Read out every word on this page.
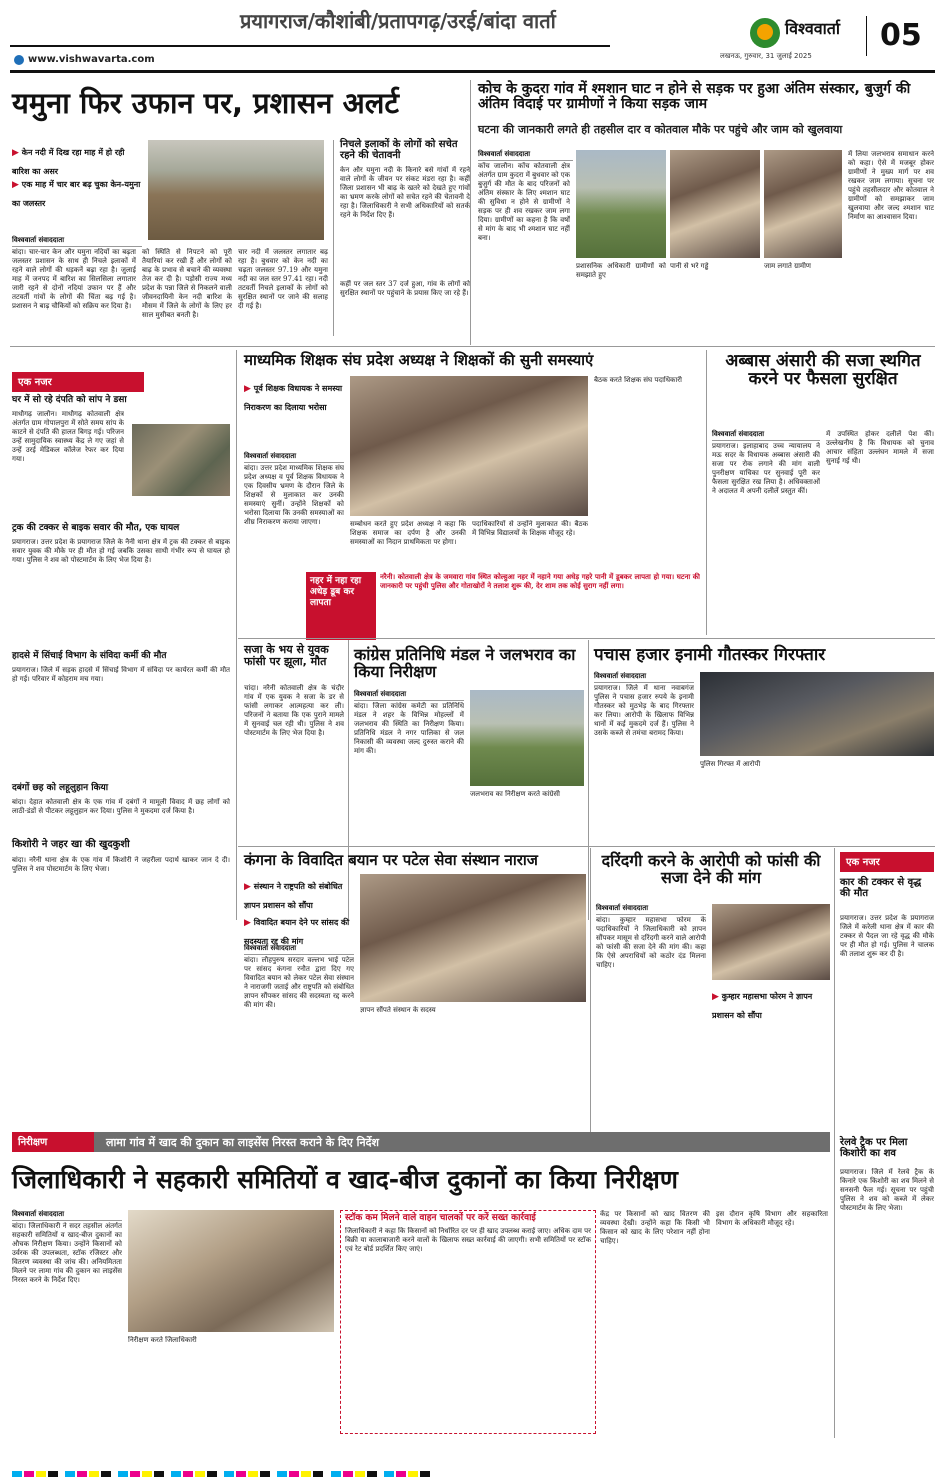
प्रयागराज/कौशांबी/प्रतापगढ़/उरई/बांदा वार्ता	विश्ववार्ता
लखनऊ, गुरुवार, 31 जुलाई 2025
05
www.vishwavarta.com
यमुना फिर उफान पर, प्रशासन अलर्ट
▶ केन नदी में दिख रहा माह में हो रही बारिश का असर
▶ एक माह में चार बार बढ़ चुका केन-यमुना का जलस्तर
विश्ववार्ता संवाददाता
बांदा। चार-चार केन और यमुना नदियों का बढ़ता जलस्तर प्रशासन के साथ ही निचले इलाकों में रहने वाले लोगों की धड़कनें बढ़ा रहा है। जुलाई माह में जनपद में बारिश का सिलसिला लगातार जारी रहने से दोनों नदियां उफान पर हैं और तटवर्ती गांवों के लोगों की चिंता बढ़ गई है। प्रशासन ने बाढ़ चौकियों को सक्रिय कर दिया है।
को स्थिति से निपटने को पूरी तैयारियां कर रखी हैं और लोगों को बाढ़ के प्रभाव से बचाने की व्यवस्था तेज कर दी है। पड़ोसी राज्य मध्य प्रदेश के पन्ना जिले से निकलने वाली जीवनदायिनी केन नदी बारिश के मौसम में जिले के लोगों के लिए हर साल मुसीबत बनती है।
चार नदी में जलस्तर लगातार बढ़ रहा है। बुधवार को केन नदी का चढ़ता जलस्तर 97.19 और यमुना नदी का जल स्तर 97.41 रहा। नदी तटवर्ती निचले इलाकों के लोगों को सुरक्षित स्थानों पर जाने की सलाह दी गई है।
निचले इलाकों के लोगों को सचेत रहने की चेतावनी
केन और यमुना नदी के किनारे बसे गांवों में रहने वाले लोगों के जीवन पर संकट मंडरा रहा है। कहीं जिला प्रशासन भी बाढ़ के खतरे को देखते हुए गांवों का भ्रमण करके लोगों को सचेत रहने की चेतावनी दे रहा है। जिलाधिकारी ने सभी अधिकारियों को सतर्क रहने के निर्देश दिए हैं।
कहीं पर जल स्तर 37 दर्ज हुआ, गांव के लोगों को सुरक्षित स्थानों पर पहुंचाने के प्रयास किए जा रहे हैं।
कोच के कुदरा गांव में श्मशान घाट न होने से सड़क पर हुआ अंतिम संस्कार, बुजुर्ग की अंतिम विदाई पर ग्रामीणों ने किया सड़क जाम
घटना की जानकारी लगते ही तहसील दार व कोतवाल मौके पर पहुंचे और जाम को खुलवाया
विश्ववार्ता संवाददाता
कोंच जालौन। कोंच कोतवाली क्षेत्र अंतर्गत ग्राम कुदरा में बुधवार को एक बुजुर्ग की मौत के बाद परिजनों को अंतिम संस्कार के लिए श्मशान घाट की सुविधा न होने से ग्रामीणों ने सड़क पर ही शव रखकर जाम लगा दिया। ग्रामीणों का कहना है कि वर्षों से मांग के बाद भी श्मशान घाट नहीं बना।
प्रशासनिक अधिकारी ग्रामीणों को समझाते हुए
पानी से भरे गड्ढे	जाम लगाते ग्रामीण
में लिया जलभराव समाधान करने को कहा। ऐसे में मजबूर होकर ग्रामीणों ने मुख्य मार्ग पर शव रखकर जाम लगाया। सूचना पर पहुंचे तहसीलदार और कोतवाल ने ग्रामीणों को समझाकर जाम खुलवाया और जल्द श्मशान घाट निर्माण का आश्वासन दिया।
एक नजर
घर में सो रहे दंपति को सांप ने डसा
माधौगढ़ जालौन। माधौगढ़ कोतवाली क्षेत्र अंतर्गत ग्राम गोपालपुरा में सोते समय सांप के काटने से दंपति की हालत बिगड़ गई। परिजन उन्हें सामुदायिक स्वास्थ्य केंद्र ले गए जहां से उन्हें उरई मेडिकल कॉलेज रेफर कर दिया गया।
ट्रक की टक्कर से बाइक सवार की मौत, एक घायल
प्रयागराज। उत्तर प्रदेश के प्रयागराज जिले के नैनी थाना क्षेत्र में ट्रक की टक्कर से बाइक सवार युवक की मौके पर ही मौत हो गई जबकि उसका साथी गंभीर रूप से घायल हो गया। पुलिस ने शव को पोस्टमार्टम के लिए भेज दिया है।
हादसे में सिंचाई विभाग के संविदा कर्मी की मौत
प्रयागराज। जिले में सड़क हादसे में सिंचाई विभाग में संविदा पर कार्यरत कर्मी की मौत हो गई। परिवार में कोहराम मच गया।
दबंगों छह को लहूलुहान किया
बांदा। देहात कोतवाली क्षेत्र के एक गांव में दबंगों ने मामूली विवाद में छह लोगों को लाठी-डंडों से पीटकर लहूलुहान कर दिया। पुलिस ने मुकदमा दर्ज किया है।
किशोरी ने जहर खा की खुदकुशी
बांदा। नरैनी थाना क्षेत्र के एक गांव में किशोरी ने जहरीला पदार्थ खाकर जान दे दी। पुलिस ने शव पोस्टमार्टम के लिए भेजा।
माध्यमिक शिक्षक संघ प्रदेश अध्यक्ष ने शिक्षकों की सुनी समस्याएं
▶ पूर्व शिक्षक विधायक ने समस्या निराकरण का दिलाया भरोसा
विश्ववार्ता संवाददाता
बांदा। उत्तर प्रदेश माध्यमिक शिक्षक संघ प्रदेश अध्यक्ष व पूर्व शिक्षक विधायक ने एक दिवसीय भ्रमण के दौरान जिले के शिक्षकों से मुलाकात कर उनकी समस्याएं सुनीं। उन्होंने शिक्षकों को भरोसा दिलाया कि उनकी समस्याओं का शीघ्र निराकरण कराया जाएगा।	सम्बोधन करते हुए प्रदेश अध्यक्ष ने कहा कि शिक्षक समाज का दर्पण है और उनकी समस्याओं का निदान प्राथमिकता पर होगा।
पदाधिकारियों से उन्होंने मुलाकात की। बैठक में विभिन्न विद्यालयों के शिक्षक मौजूद रहे।
बैठक करते शिक्षक संघ पदाधिकारी
नहर में नहा रहा अधेड़ डूब कर लापता
नरैनी। कोतवाली क्षेत्र के जमवारा गांव स्थित कोल्हुआ नहर में नहाने गया अधेड़ गहरे पानी में डूबकर लापता हो गया। घटना की जानकारी पर पहुंची पुलिस और गोताखोरों ने तलाश शुरू की, देर शाम तक कोई सुराग नहीं लगा।
अब्बास अंसारी की सजा स्थगित करने पर फैसला सुरक्षित
विश्ववार्ता संवाददाता
प्रयागराज। इलाहाबाद उच्च न्यायालय ने मऊ सदर के विधायक अब्बास अंसारी की सजा पर रोक लगाने की मांग वाली पुनरीक्षण याचिका पर सुनवाई पूरी कर फैसला सुरक्षित रख लिया है। अधिवक्ताओं ने अदालत में अपनी दलीलें प्रस्तुत कीं।
में उपस्थित होकर दलीलें पेश कीं। उल्लेखनीय है कि विधायक को चुनाव आचार संहिता उल्लंघन मामले में सजा सुनाई गई थी।
सजा के भय से युवक फांसी पर झूला, मौत
चांदा। नरैनी कोतवाली क्षेत्र के चंदौर गांव में एक युवक ने सजा के डर से फांसी लगाकर आत्महत्या कर ली। परिजनों ने बताया कि एक पुराने मामले में सुनवाई चल रही थी। पुलिस ने शव पोस्टमार्टम के लिए भेज दिया है।
कांग्रेस प्रतिनिधि मंडल ने जलभराव का किया निरीक्षण
विश्ववार्ता संवाददाता
बांदा। जिला कांग्रेस कमेटी का प्रतिनिधि मंडल ने शहर के विभिन्न मोहल्लों में जलभराव की स्थिति का निरीक्षण किया। प्रतिनिधि मंडल ने नगर पालिका से जल निकासी की व्यवस्था जल्द दुरुस्त कराने की मांग की।
जलभराव का निरीक्षण करते कांग्रेसी
पचास हजार इनामी गौतस्कर गिरफ्तार
विश्ववार्ता संवाददाता
प्रयागराज। जिले में थाना नवाबगंज पुलिस ने पचास हजार रुपये के इनामी गौतस्कर को मुठभेड़ के बाद गिरफ्तार कर लिया। आरोपी के खिलाफ विभिन्न थानों में कई मुकदमे दर्ज हैं। पुलिस ने उसके कब्जे से तमंचा बरामद किया।
पुलिस गिरफ्त में आरोपी
कंगना के विवादित बयान पर पटेल सेवा संस्थान नाराज
▶ संस्थान ने राष्ट्रपति को संबोधित ज्ञापन प्रशासन को सौंपा
▶ विवादित बयान देने पर सांसद की सदस्यता रद्द की मांग
विश्ववार्ता संवाददाता
बांदा। लौहपुरुष सरदार वल्लभ भाई पटेल पर सांसद कंगना रनौत द्वारा दिए गए विवादित बयान को लेकर पटेल सेवा संस्थान ने नाराजगी जताई और राष्ट्रपति को संबोधित ज्ञापन सौंपकर सांसद की सदस्यता रद्द करने की मांग की।
ज्ञापन सौंपते संस्थान के सदस्य
दरिंदगी करने के आरोपी को फांसी की सजा देने की मांग
विश्ववार्ता संवाददाता
बांदा। कुम्हार महासभा फोरम के पदाधिकारियों ने जिलाधिकारी को ज्ञापन सौंपकर मासूम से दरिंदगी करने वाले आरोपी को फांसी की सजा देने की मांग की। कहा कि ऐसे अपराधियों को कठोर दंड मिलना चाहिए।
▶ कुम्हार महासभा फोरम ने ज्ञापन प्रशासन को सौंपा
एक नजर
कार की टक्कर से वृद्ध की मौत
प्रयागराज। उत्तर प्रदेश के प्रयागराज जिले में करेली थाना क्षेत्र में कार की टक्कर से पैदल जा रहे वृद्ध की मौके पर ही मौत हो गई। पुलिस ने चालक की तलाश शुरू कर दी है।
रेलवे ट्रैक पर मिला किशोरी का शव
प्रयागराज। जिले में रेलवे ट्रैक के किनारे एक किशोरी का शव मिलने से सनसनी फैल गई। सूचना पर पहुंची पुलिस ने शव को कब्जे में लेकर पोस्टमार्टम के लिए भेजा।
निरीक्षण	लामा गांव में खाद की दुकान का लाइसेंस निरस्त कराने के दिए निर्देश
जिलाधिकारी ने सहकारी समितियों व खाद-बीज दुकानों का किया निरीक्षण
विश्ववार्ता संवाददाता
बांदा। जिलाधिकारी ने सदर तहसील अंतर्गत सहकारी समितियों व खाद-बीज दुकानों का औचक निरीक्षण किया। उन्होंने किसानों को उर्वरक की उपलब्धता, स्टॉक रजिस्टर और वितरण व्यवस्था की जांच की। अनियमितता मिलने पर लामा गांव की दुकान का लाइसेंस निरस्त करने के निर्देश दिए।
निरीक्षण करते जिलाधिकारी
स्टॉक कम मिलने वाले वाहन चालकों पर करें सख्त कार्रवाई
जिलाधिकारी ने कहा कि किसानों को निर्धारित दर पर ही खाद उपलब्ध कराई जाए। अधिक दाम पर बिक्री या कालाबाजारी करने वालों के खिलाफ सख्त कार्रवाई की जाएगी। सभी समितियों पर स्टॉक एवं रेट बोर्ड प्रदर्शित किए जाएं।
केंद्र पर किसानों को खाद वितरण की व्यवस्था देखी। उन्होंने कहा कि किसी भी किसान को खाद के लिए परेशान नहीं होना चाहिए।
इस दौरान कृषि विभाग और सहकारिता विभाग के अधिकारी मौजूद रहे।
